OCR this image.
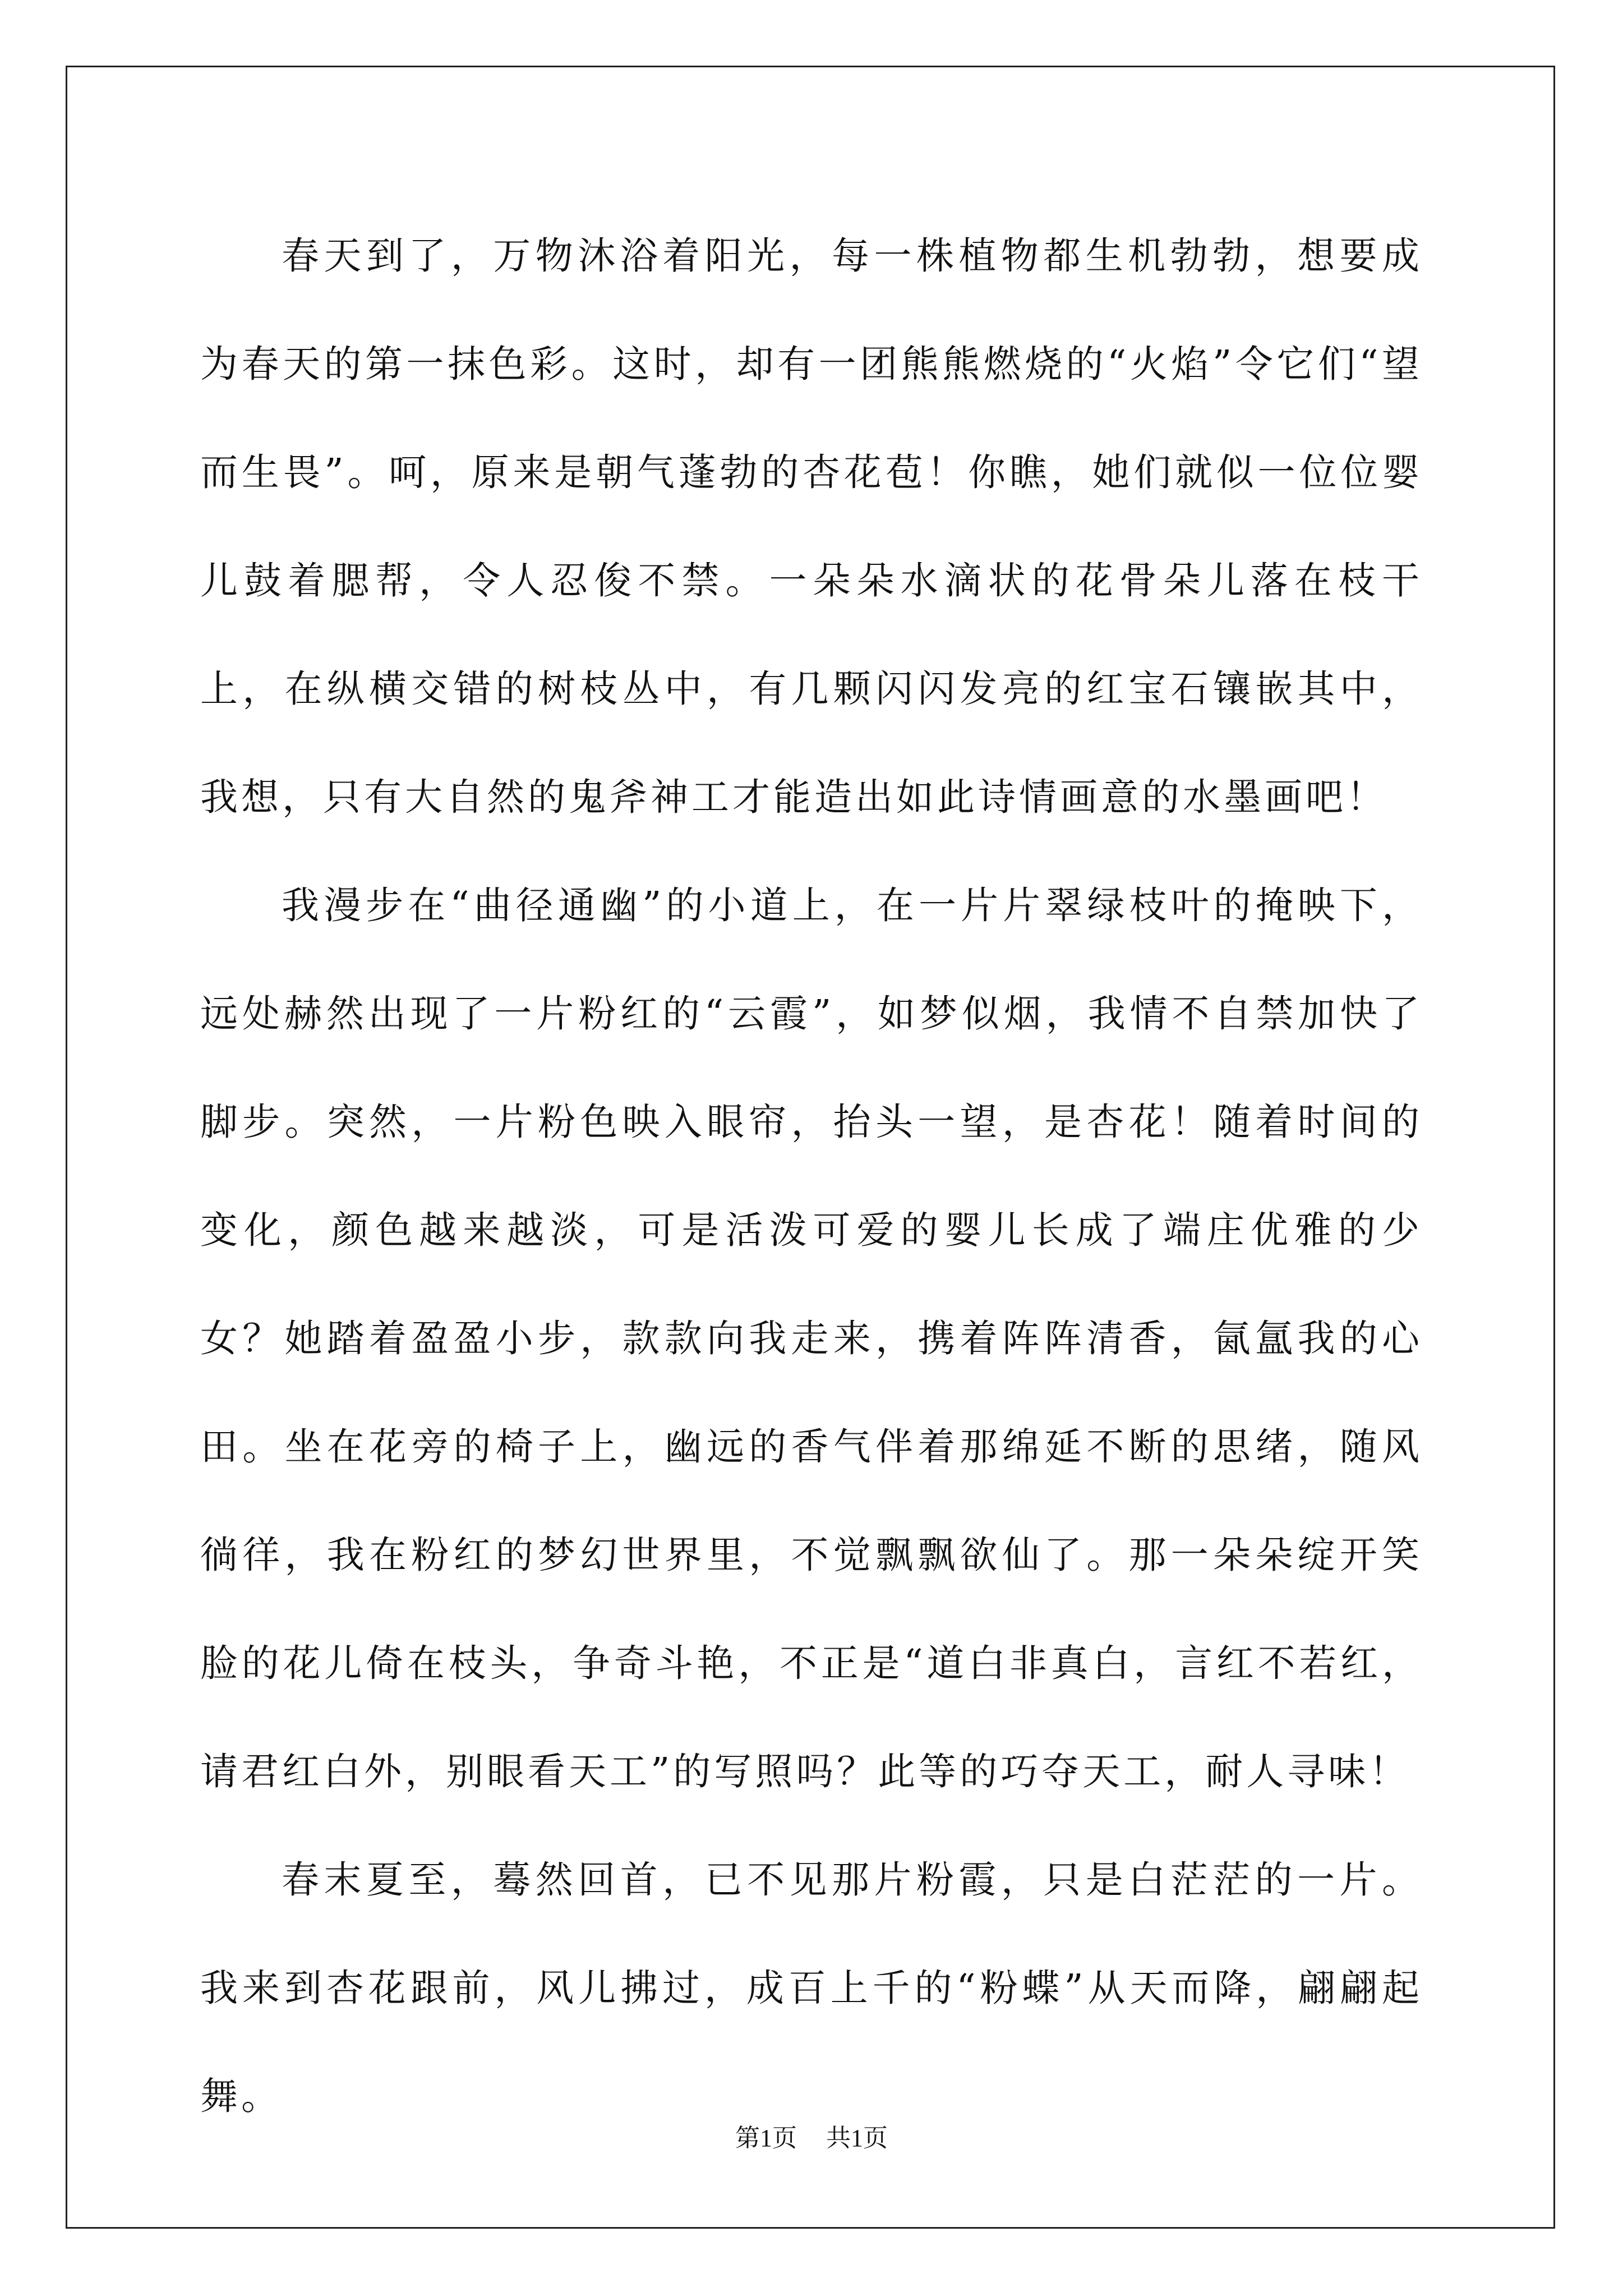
春天到了，万物沐浴着阳光，每一株植物都生机勃勃，想要成为春天的第一抹色彩。这时，却有一团熊熊燃烧的“火焰”令它们“望而生畏”。呵，原来是朝气蓬勃的杏花苞！你瞧，她们就似一位位婴儿鼓着腮帮，令人忍俊不禁。一朵朵水滴状的花骨朵儿落在枝干上，在纵横交错的树枝丛中，有几颗闪闪发亮的红宝石镶嵌其中，我想，只有大自然的鬼斧神工才能造出如此诗情画意的水墨画吧！

我漫步在“曲径通幽”的小道上，在一片片翠绿枝叶的掩映下，远处赫然出现了一片粉红的“云霞”，如梦似烟，我情不自禁加快了脚步。突然，一片粉色映入眼帘，抬头一望，是杏花！随着时间的变化，颜色越来越淡，可是活泼可爱的婴儿长成了端庄优雅的少女？她踏着盈盈小步，款款向我走来，携着阵阵清香，氤氲我的心田。坐在花旁的椅子上，幽远的香气伴着那绵延不断的思绪，随风徜徉，我在粉红的梦幻世界里，不觉飘飘欲仙了。那一朵朵绽开笑脸的花儿倚在枝头，争奇斗艳，不正是“道白非真白，言红不若红，请君红白外，别眼看天工”的写照吗？此等的巧夺天工，耐人寻味！

春末夏至，蓦然回首，已不见那片粉霞，只是白茫茫的一片。我来到杏花跟前，风儿拂过，成百上千的“粉蝶”从天而降，翩翩起舞。

第1页 共1页
